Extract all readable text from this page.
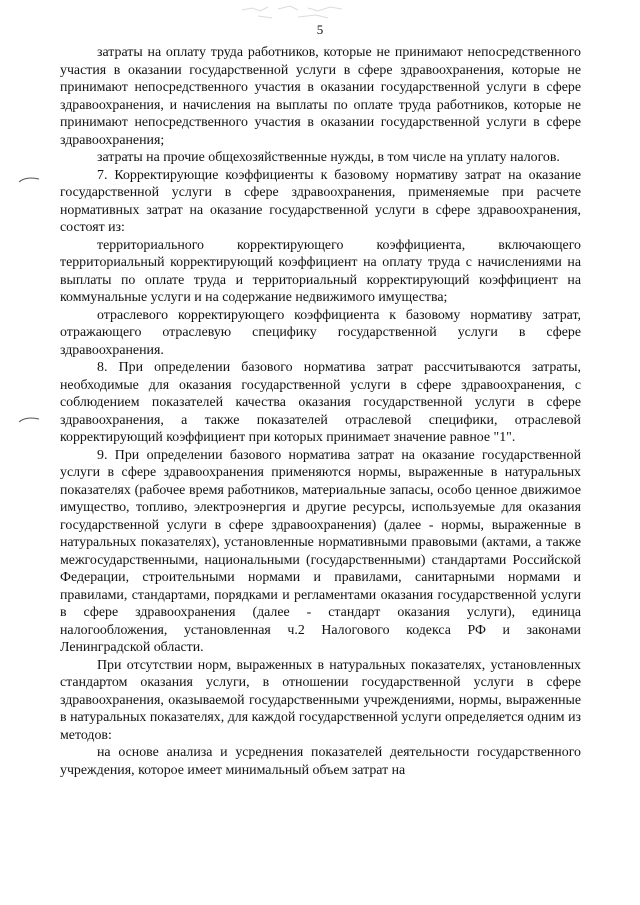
5

затраты на оплату труда работников, которые не принимают непосредственного участия в оказании государственной услуги в сфере здравоохранения, которые не принимают непосредственного участия в оказании государственной услуги в сфере здравоохранения, и начисления на выплаты по оплате труда работников, которые не принимают непосредственного участия в оказании государственной услуги в сфере здравоохранения;

затраты на прочие общехозяйственные нужды, в том числе на уплату налогов.

7. Корректирующие коэффициенты к базовому нормативу затрат на оказание государственной услуги в сфере здравоохранения, применяемые при расчете нормативных затрат на оказание государственной услуги в сфере здравоохранения, состоят из:

территориального корректирующего коэффициента, включающего территориальный корректирующий коэффициент на оплату труда с начислениями на выплаты по оплате труда и территориальный корректирующий коэффициент на коммунальные услуги и на содержание недвижимого имущества;

отраслевого корректирующего коэффициента к базовому нормативу затрат, отражающего отраслевую специфику государственной услуги в сфере здравоохранения.

8. При определении базового норматива затрат рассчитываются затраты, необходимые для оказания государственной услуги в сфере здравоохранения, с соблюдением показателей качества оказания государственной услуги в сфере здравоохранения, а также показателей отраслевой специфики, отраслевой корректирующий коэффициент при которых принимает значение равное "1".

9. При определении базового норматива затрат на оказание государственной услуги в сфере здравоохранения применяются нормы, выраженные в натуральных показателях (рабочее время работников, материальные запасы, особо ценное движимое имущество, топливо, электроэнергия и другие ресурсы, используемые для оказания государственной услуги в сфере здравоохранения) (далее - нормы, выраженные в натуральных показателях), установленные нормативными правовыми (актами, а также межгосударственными, национальными (государственными) стандартами Российской Федерации, строительными нормами и правилами, санитарными нормами и правилами, стандартами, порядками и регламентами оказания государственной услуги в сфере здравоохранения (далее - стандарт оказания услуги), единица налогообложения, установленная ч.2 Налогового кодекса РФ и законами Ленинградской области.

При отсутствии норм, выраженных в натуральных показателях, установленных стандартом оказания услуги, в отношении государственной услуги в сфере здравоохранения, оказываемой государственными учреждениями, нормы, выраженные в натуральных показателях, для каждой государственной услуги определяется одним из методов:

на основе анализа и усреднения показателей деятельности государственного учреждения, которое имеет минимальный объем затрат на
